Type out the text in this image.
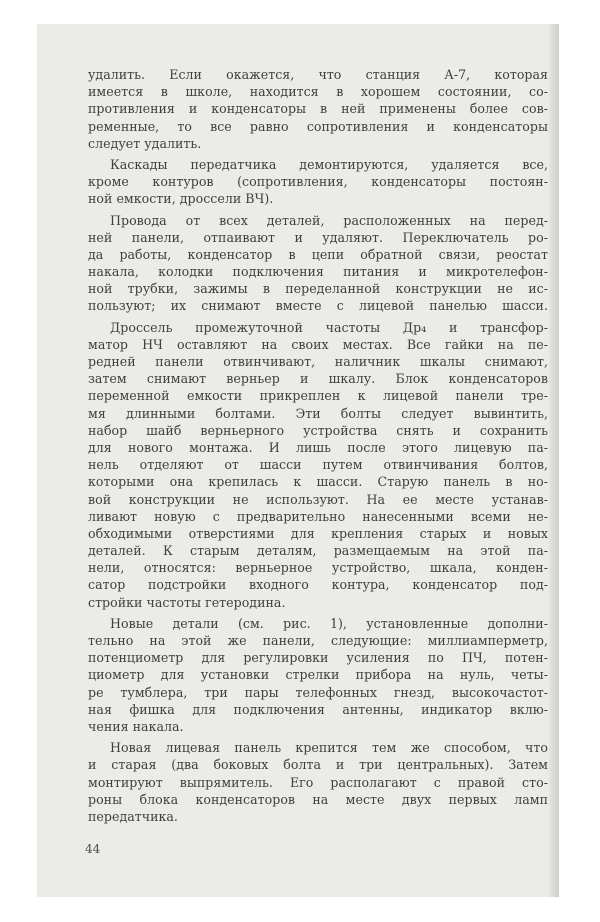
удалить. Если окажется, что станция А-7, которая
имеется в школе, находится в хорошем состоянии, со-
противления и конденсаторы в ней применены более сов-
ременные, то все равно сопротивления и конденсаторы
следует удалить.

Каскады передатчика демонтируются, удаляется все,
кроме контуров (сопротивления, конденсаторы постоян-
ной емкости, дроссели ВЧ).

Провода от всех деталей, расположенных на перед-
ней панели, отпаивают и удаляют. Переключатель ро-
да работы, конденсатор в цепи обратной связи, реостат
накала, колодки подключения питания и микротелефон-
ной трубки, зажимы в переделанной конструкции не ис-
пользуют; их снимают вместе с лицевой панелью шасси.

Дроссель промежуточной частоты Др₄ и трансфор-
матор НЧ оставляют на своих местах. Все гайки на пе-
редней панели отвинчивают, наличник шкалы снимают,
затем снимают верньер и шкалу. Блок конденсаторов
переменной емкости прикреплен к лицевой панели тре-
мя длинными болтами. Эти болты следует вывинтить,
набор шайб верньерного устройства снять и сохранить
для нового монтажа. И лишь после этого лицевую па-
нель отделяют от шасси путем отвинчивания болтов,
которыми она крепилась к шасси. Старую панель в но-
вой конструкции не используют. На ее месте устанав-
ливают новую с предварительно нанесенными всеми не-
обходимыми отверстиями для крепления старых и новых
деталей. К старым деталям, размещаемым на этой па-
нели, относятся: верньерное устройство, шкала, конден-
сатор подстройки входного контура, конденсатор под-
стройки частоты гетеродина.

Новые детали (см. рис. 1), установленные дополни-
тельно на этой же панели, следующие: миллиамперметр,
потенциометр для регулировки усиления по ПЧ, потен-
циометр для установки стрелки прибора на нуль, четы-
ре тумблера, три пары телефонных гнезд, высокочастот-
ная фишка для подключения антенны, индикатор вклю-
чения накала.

Новая лицевая панель крепится тем же способом, что
и старая (два боковых болта и три центральных). Затем
монтируют выпрямитель. Его располагают с правой сто-
роны блока конденсаторов на месте двух первых ламп
передатчика.

44
